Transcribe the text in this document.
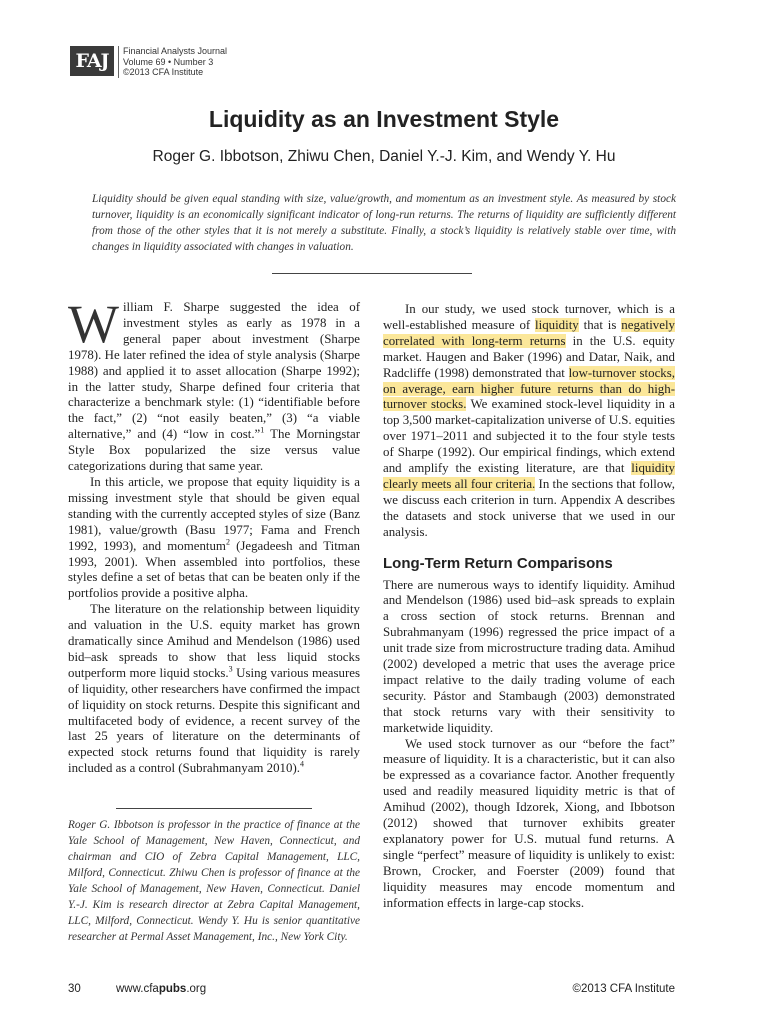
FAJ	Financial Analysts Journal
Volume 69 • Number 3
©2013 CFA Institute
Liquidity as an Investment Style

Roger G. Ibbotson, Zhiwu Chen, Daniel Y.-J. Kim, and Wendy Y. Hu

Liquidity should be given equal standing with size, value/growth, and momentum as an investment style. As measured by stock turnover, liquidity is an economically significant indicator of long-run returns. The returns of liquidity are sufficiently different from those of the other styles that it is not merely a substitute. Finally, a stock’s liquidity is relatively stable over time, with changes in liquidity associated with changes in valuation.

William F. Sharpe suggested the idea of investment styles as early as 1978 in a general paper about investment (Sharpe 1978). He later refined the idea of style analysis (Sharpe 1988) and applied it to asset allocation (Sharpe 1992); in the latter study, Sharpe defined four criteria that characterize a benchmark style: (1) “identifiable before the fact,” (2) “not easily beaten,” (3) “a viable alternative,” and (4) “low in cost.”$^1$ The Morningstar Style Box popularized the size versus value categorizations during that same year.

In this article, we propose that equity liquidity is a missing investment style that should be given equal standing with the currently accepted styles of size (Banz 1981), value/growth (Basu 1977; Fama and French 1992, 1993), and momentum$^2$ (Jegadeesh and Titman 1993, 2001). When assembled into portfolios, these styles define a set of betas that can be beaten only if the portfolios provide a positive alpha.

The literature on the relationship between liquidity and valuation in the U.S. equity market has grown dramatically since Amihud and Mendelson (1986) used bid–ask spreads to show that less liquid stocks outperform more liquid stocks.$^3$ Using various measures of liquidity, other researchers have confirmed the impact of liquidity on stock returns. Despite this significant and multifaceted body of evidence, a recent survey of the last 25 years of literature on the determinants of expected stock returns found that liquidity is rarely included as a control (Subrahmanyam 2010).$^4$

Roger G. Ibbotson is professor in the practice of finance at the Yale School of Management, New Haven, Connecticut, and chairman and CIO of Zebra Capital Management, LLC, Milford, Connecticut. Zhiwu Chen is professor of finance at the Yale School of Management, New Haven, Connecticut. Daniel Y.-J. Kim is research director at Zebra Capital Management, LLC, Milford, Connecticut. Wendy Y. Hu is senior quantitative researcher at Permal Asset Management, Inc., New York City.

In our study, we used stock turnover, which is a well-established measure of liquidity that is negatively correlated with long-term returns in the U.S. equity market. Haugen and Baker (1996) and Datar, Naik, and Radcliffe (1998) demonstrated that low-turnover stocks, on average, earn higher future returns than do high-turnover stocks. We examined stock-level liquidity in a top 3,500 market-capitalization universe of U.S. equities over 1971–2011 and subjected it to the four style tests of Sharpe (1992). Our empirical findings, which extend and amplify the existing literature, are that liquidity clearly meets all four criteria. In the sections that follow, we discuss each criterion in turn. Appendix A describes the datasets and stock universe that we used in our analysis.

Long-Term Return Comparisons

There are numerous ways to identify liquidity. Amihud and Mendelson (1986) used bid–ask spreads to explain a cross section of stock returns. Brennan and Subrahmanyam (1996) regressed the price impact of a unit trade size from microstructure trading data. Amihud (2002) developed a metric that uses the average price impact relative to the daily trading volume of each security. Pástor and Stambaugh (2003) demonstrated that stock returns vary with their sensitivity to marketwide liquidity.

We used stock turnover as our “before the fact” measure of liquidity. It is a characteristic, but it can also be expressed as a covariance factor. Another frequently used and readily measured liquidity metric is that of Amihud (2002), though Idzorek, Xiong, and Ibbotson (2012) showed that turnover exhibits greater explanatory power for U.S. mutual fund returns. A single “perfect” measure of liquidity is unlikely to exist: Brown, Crocker, and Foerster (2009) found that liquidity measures may encode momentum and information effects in large-cap stocks.

30	www.cfapubs.org	©2013 CFA Institute
